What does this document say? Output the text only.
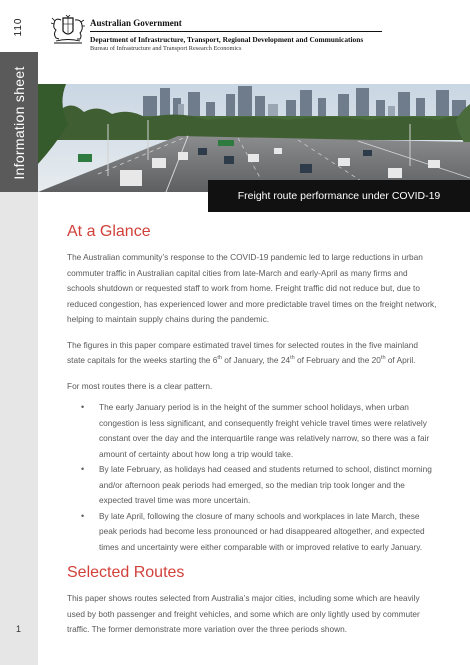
110
Information sheet
1
Australian Government
Department of Infrastructure, Transport, Regional Development and Communications
Bureau of Infrastructure and Transport Research Economics
Freight route performance under COVID-19
At a Glance

The Australian community’s response to the COVID-19 pandemic led to large reductions in urban commuter traffic in Australian capital cities from late-March and early-April as many firms and schools shutdown or requested staff to work from home. Freight traffic did not reduce but, due to reduced congestion, has experienced lower and more predictable travel times on the freight network, helping to maintain supply chains during the pandemic.

The figures in this paper compare estimated travel times for selected routes in the five mainland state capitals for the weeks starting the 6th of January, the 24th of February and the 20th of April.

For most routes there is a clear pattern.

• The early January period is in the height of the summer school holidays, when urban congestion is less significant, and consequently freight vehicle travel times were relatively constant over the day and the interquartile range was relatively narrow, so there was a fair amount of certainty about how long a trip would take.
• By late February, as holidays had ceased and students returned to school, distinct morning and/or afternoon peak periods had emerged, so the median trip took longer and the expected travel time was more uncertain.
• By late April, following the closure of many schools and workplaces in late March, these peak periods had become less pronounced or had disappeared altogether, and expected times and uncertainty were either comparable with or improved relative to early January.
Selected Routes

This paper shows routes selected from Australia’s major cities, including some which are heavily used by both passenger and freight vehicles, and some which are only lightly used by commuter traffic. The former demonstrate more variation over the three periods shown.
